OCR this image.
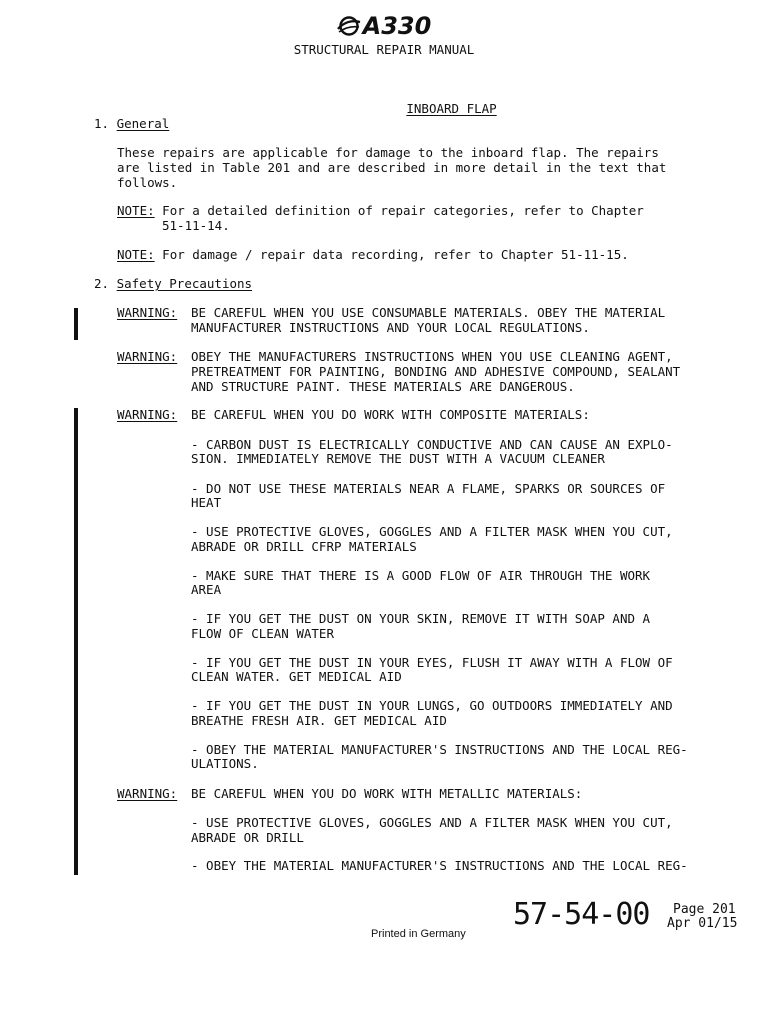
A330
STRUCTURAL REPAIR MANUAL

INBOARD FLAP

1. General
These repairs are applicable for damage to the inboard flap. The repairs
are listed in Table 201 and are described in more detail in the text that
follows.
NOTE: For a detailed definition of repair categories, refer to Chapter
51-11-14.
NOTE: For damage / repair data recording, refer to Chapter 51-11-15.
2. Safety Precautions
WARNING: BE CAREFUL WHEN YOU USE CONSUMABLE MATERIALS. OBEY THE MATERIAL
MANUFACTURER INSTRUCTIONS AND YOUR LOCAL REGULATIONS.
WARNING: OBEY THE MANUFACTURERS INSTRUCTIONS WHEN YOU USE CLEANING AGENT,
PRETREATMENT FOR PAINTING, BONDING AND ADHESIVE COMPOUND, SEALANT
AND STRUCTURE PAINT. THESE MATERIALS ARE DANGEROUS.
WARNING: BE CAREFUL WHEN YOU DO WORK WITH COMPOSITE MATERIALS:
- CARBON DUST IS ELECTRICALLY CONDUCTIVE AND CAN CAUSE AN EXPLO-
SION. IMMEDIATELY REMOVE THE DUST WITH A VACUUM CLEANER
- DO NOT USE THESE MATERIALS NEAR A FLAME, SPARKS OR SOURCES OF
HEAT
- USE PROTECTIVE GLOVES, GOGGLES AND A FILTER MASK WHEN YOU CUT,
ABRADE OR DRILL CFRP MATERIALS
- MAKE SURE THAT THERE IS A GOOD FLOW OF AIR THROUGH THE WORK
AREA
- IF YOU GET THE DUST ON YOUR SKIN, REMOVE IT WITH SOAP AND A
FLOW OF CLEAN WATER
- IF YOU GET THE DUST IN YOUR EYES, FLUSH IT AWAY WITH A FLOW OF
CLEAN WATER. GET MEDICAL AID
- IF YOU GET THE DUST IN YOUR LUNGS, GO OUTDOORS IMMEDIATELY AND
BREATHE FRESH AIR. GET MEDICAL AID
- OBEY THE MATERIAL MANUFACTURER'S INSTRUCTIONS AND THE LOCAL REG-
ULATIONS.
WARNING: BE CAREFUL WHEN YOU DO WORK WITH METALLIC MATERIALS:
- USE PROTECTIVE GLOVES, GOGGLES AND A FILTER MASK WHEN YOU CUT,
ABRADE OR DRILL
- OBEY THE MATERIAL MANUFACTURER'S INSTRUCTIONS AND THE LOCAL REG-
57-54-00 Page 201
Apr 01/15
Printed in Germany
